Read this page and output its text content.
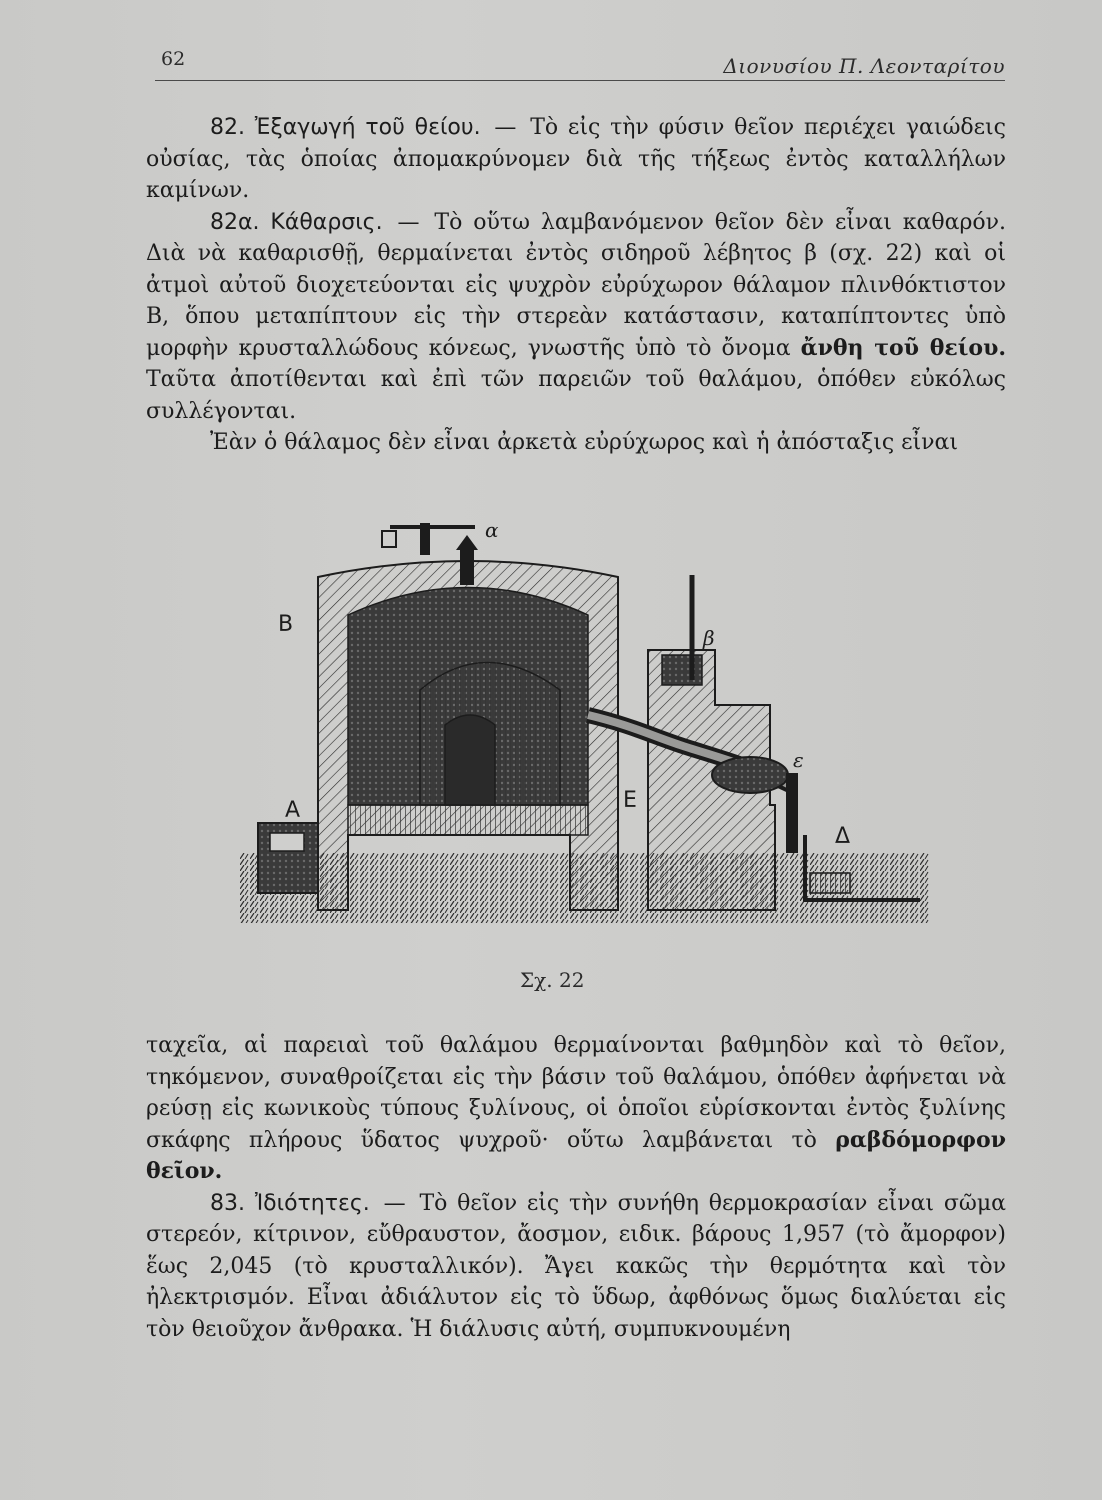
62	Διονυσίου Π. Λεονταρίτου

82. Ἐξαγωγή τοῦ θείου. — Τὸ εἰς τὴν φύσιν θεῖον περιέχει γαιώδεις οὐσίας, τὰς ὁποίας ἀπομακρύνομεν διὰ τῆς τήξεως ἐντὸς καταλλήλων καμίνων.

82α. Κάθαρσις. — Τὸ οὕτω λαμβανόμενον θεῖον δὲν εἶναι καθαρόν. Διὰ νὰ καθαρισθῇ, θερμαίνεται ἐντὸς σιδηροῦ λέβητος β (σχ. 22) καὶ οἱ ἀτμοὶ αὐτοῦ διοχετεύονται εἰς ψυχρὸν εὐρύχωρον θάλαμον πλινθόκτιστον Β, ὅπου μεταπίπτουν εἰς τὴν στερεὰν κατάστασιν, καταπίπτοντες ὑπὸ μορφὴν κρυσταλλώδους κόνεως, γνωστῆς ὑπὸ τὸ ὄνομα ἄνθη τοῦ θείου. Ταῦτα ἀποτίθενται καὶ ἐπὶ τῶν παρειῶν τοῦ θαλάμου, ὁπόθεν εὐκόλως συλλέγονται.

Ἐὰν ὁ θάλαμος δὲν εἶναι ἀρκετὰ εὐρύχωρος καὶ ἡ ἀπόσταξις εἶναι

α
Β
β
Α	Ε
ε
Δ
Σχ. 22

ταχεῖα, αἱ παρειαὶ τοῦ θαλάμου θερμαίνονται βαθμηδὸν καὶ τὸ θεῖον, τηκόμενον, συναθροίζεται εἰς τὴν βάσιν τοῦ θαλάμου, ὁπόθεν ἀφήνεται νὰ ρεύσῃ εἰς κωνικοὺς τύπους ξυλίνους, οἱ ὁποῖοι εὑρίσκονται ἐντὸς ξυλίνης σκάφης πλήρους ὕδατος ψυχροῦ· οὕτω λαμβάνεται τὸ ραβδόμορφον θεῖον.

83. Ἰδιότητες. — Τὸ θεῖον εἰς τὴν συνήθη θερμοκρασίαν εἶναι σῶμα στερεόν, κίτρινον, εὔθραυστον, ἄοσμον, ειδικ. βάρους 1,957 (τὸ ἄμορφον) ἕως 2,045 (τὸ κρυσταλλικόν). Ἄγει κακῶς τὴν θερμότητα καὶ τὸν ἠλεκτρισμόν. Εἶναι ἀδιάλυτον εἰς τὸ ὕδωρ, ἀφθόνως ὅμως διαλύεται εἰς τὸν θειοῦχον ἄνθρακα. Ἡ διάλυσις αὐτή, συμπυκνουμένη
